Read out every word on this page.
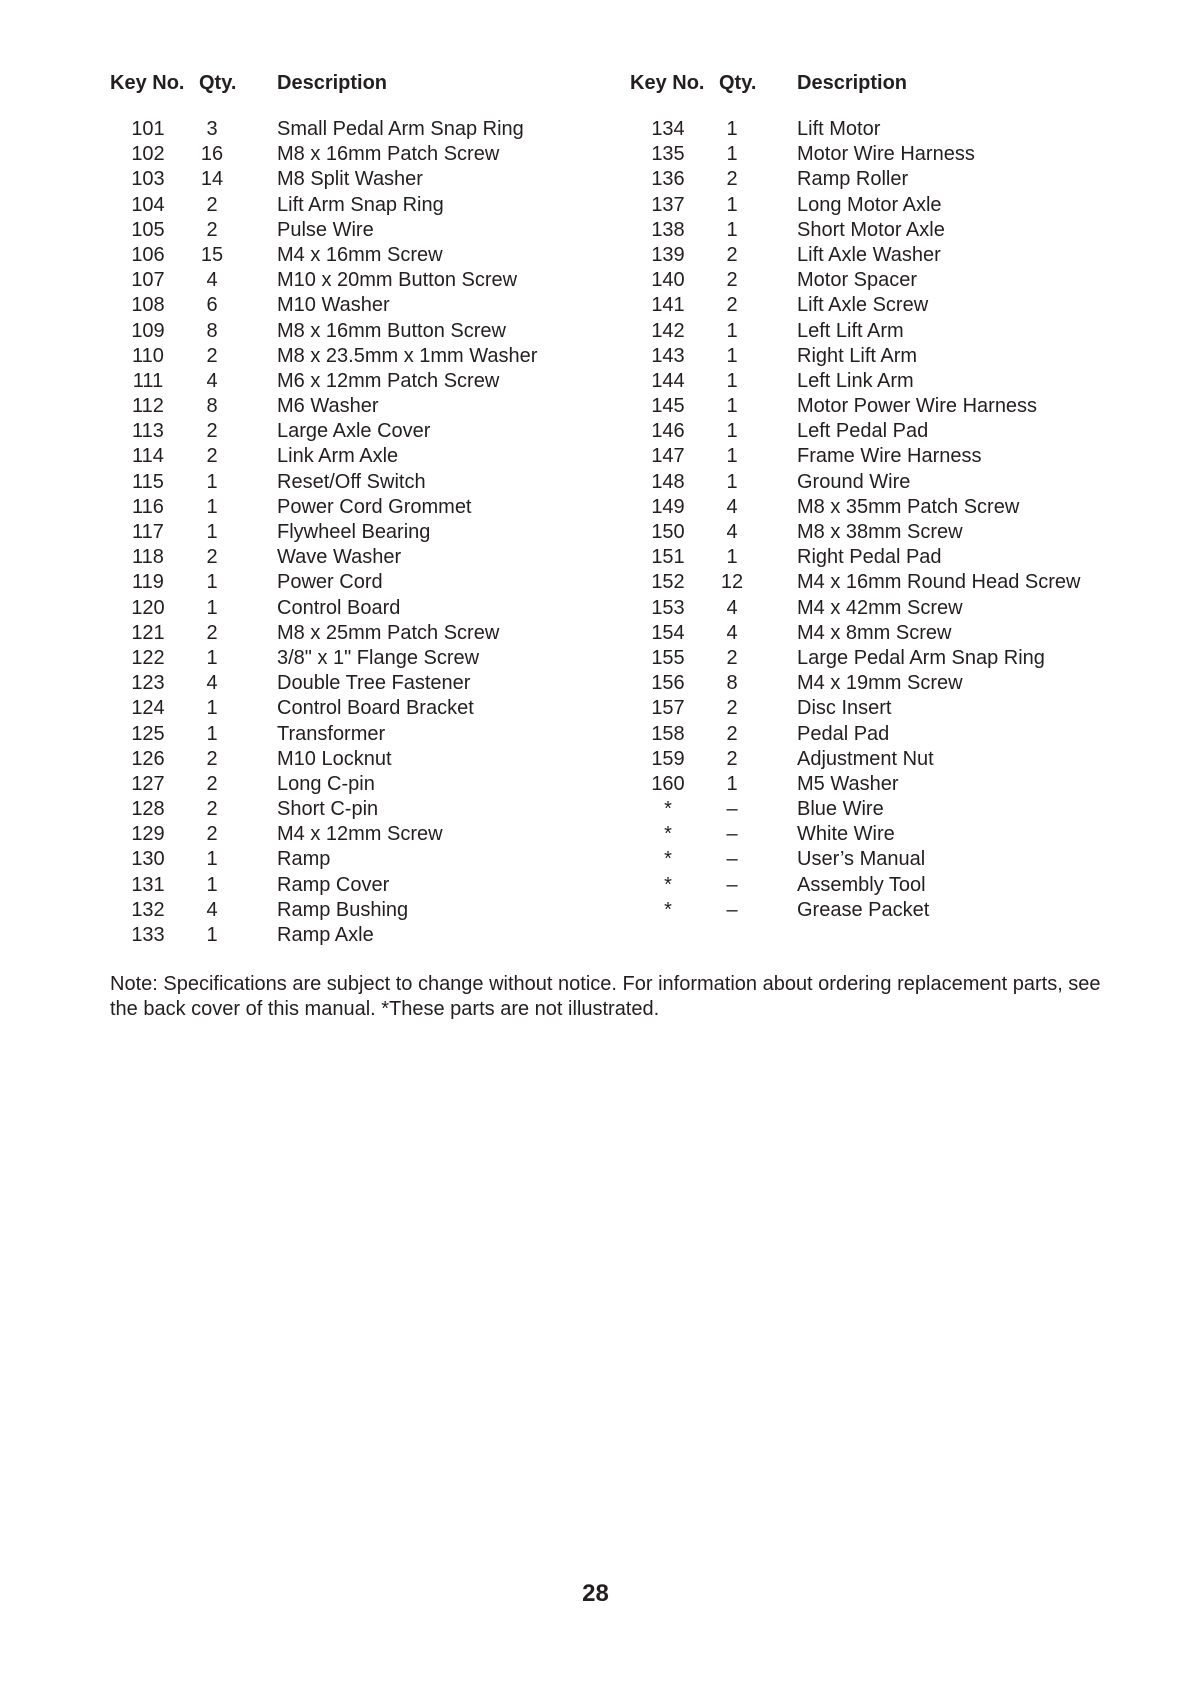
Key No. Qty.	Description
101	3	Small Pedal Arm Snap Ring
102	16	M8 x 16mm Patch Screw
103	14	M8 Split Washer
104	2	Lift Arm Snap Ring
105	2	Pulse Wire
106	15	M4 x 16mm Screw
107	4	M10 x 20mm Button Screw
108	6	M10 Washer
109	8	M8 x 16mm Button Screw
110	2	M8 x 23.5mm x 1mm Washer
111	4	M6 x 12mm Patch Screw
112	8	M6 Washer
113	2	Large Axle Cover
114	2	Link Arm Axle
115	1	Reset/Off Switch
116	1	Power Cord Grommet
117	1	Flywheel Bearing
118	2	Wave Washer
119	1	Power Cord
120	1	Control Board
121	2	M8 x 25mm Patch Screw
122	1	3/8" x 1" Flange Screw
123	4	Double Tree Fastener
124	1	Control Board Bracket
125	1	Transformer
126	2	M10 Locknut
127	2	Long C-pin
128	2	Short C-pin
129	2	M4 x 12mm Screw
130	1	Ramp
131	1	Ramp Cover
132	4	Ramp Bushing
133	1	Ramp Axle
Key No. Qty.	Description
134	1	Lift Motor
135	1	Motor Wire Harness
136	2	Ramp Roller
137	1	Long Motor Axle
138	1	Short Motor Axle
139	2	Lift Axle Washer
140	2	Motor Spacer
141	2	Lift Axle Screw
142	1	Left Lift Arm
143	1	Right Lift Arm
144	1	Left Link Arm
145	1	Motor Power Wire Harness
146	1	Left Pedal Pad
147	1	Frame Wire Harness
148	1	Ground Wire
149	4	M8 x 35mm Patch Screw
150	4	M8 x 38mm Screw
151	1	Right Pedal Pad
152	12	M4 x 16mm Round Head Screw
153	4	M4 x 42mm Screw
154	4	M4 x 8mm Screw
155	2	Large Pedal Arm Snap Ring
156	8	M4 x 19mm Screw
157	2	Disc Insert
158	2	Pedal Pad
159	2	Adjustment Nut
160	1	M5 Washer
*	–	Blue Wire
*	–	White Wire
*	–	User’s Manual
*	–	Assembly Tool
*	–	Grease Packet
Note: Specifications are subject to change without notice. For information about ordering replacement parts, see the back cover of this manual. *These parts are not illustrated.
28
